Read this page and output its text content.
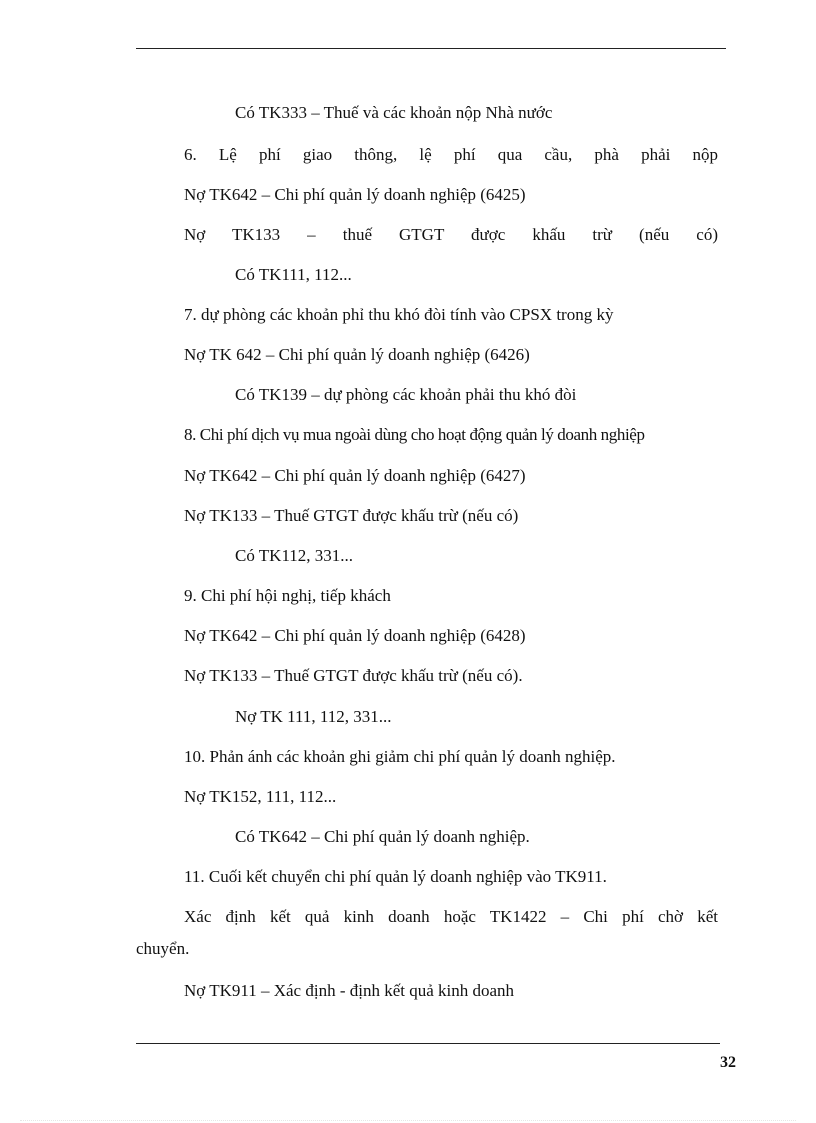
Có TK333 – Thuế và các khoản nộp Nhà nước
6. Lệ phí giao thông, lệ phí qua cầu, phà phải nộp
Nợ TK642 – Chi phí quản lý doanh nghiệp (6425)
Nợ TK133 – thuế GTGT được khấu trừ (nếu có)
Có TK111, 112...
7. dự phòng các khoản phỉ thu khó đòi tính vào CPSX trong kỳ
Nợ TK 642 – Chi phí quản lý doanh nghiệp (6426)
Có TK139 – dự phòng các khoản phải thu khó đòi
8. Chi phí dịch vụ mua ngoài dùng cho hoạt động quản lý doanh nghiệp
Nợ TK642 – Chi phí quản lý doanh nghiệp (6427)
Nợ TK133 – Thuế GTGT được khấu trừ (nếu có)
Có TK112, 331...
9. Chi phí hội nghị, tiếp khách
Nợ TK642 – Chi phí quản lý doanh nghiệp (6428)
Nợ TK133 – Thuế GTGT được khấu trừ (nếu có).
Nợ TK 111, 112, 331...
10. Phản ánh các khoản ghi giảm chi phí quản lý doanh nghiệp.
Nợ TK152, 111, 112...
Có TK642 – Chi phí quản lý doanh nghiệp.
11. Cuối kết chuyển chi phí quản lý doanh nghiệp vào TK911.
Xác định kết quả kinh doanh hoặc TK1422 – Chi phí chờ kết
chuyển.
Nợ TK911 – Xác định - định kết quả kinh doanh
32
